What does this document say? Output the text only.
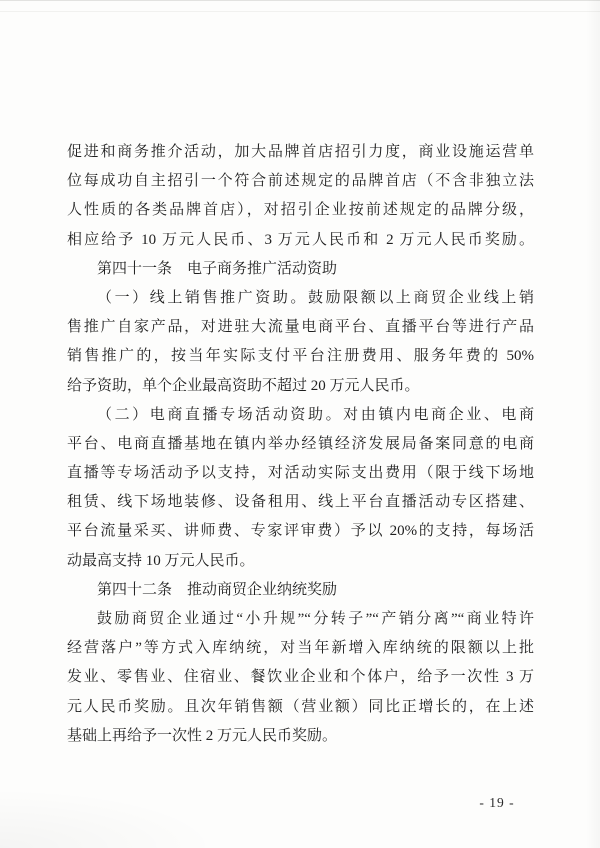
促进和商务推介活动，加大品牌首店招引力度，商业设施运营单
位每成功自主招引一个符合前述规定的品牌首店（不含非独立法
人性质的各类品牌首店），对招引企业按前述规定的品牌分级，
相应给予 10 万元人民币、3 万元人民币和 2 万元人民币奖励。
第四十一条　电子商务推广活动资助
（一）线上销售推广资助。鼓励限额以上商贸企业线上销
售推广自家产品，对进驻大流量电商平台、直播平台等进行产品
销售推广的，按当年实际支付平台注册费用、服务年费的 50%
给予资助，单个企业最高资助不超过 20 万元人民币。
（二）电商直播专场活动资助。对由镇内电商企业、电商
平台、电商直播基地在镇内举办经镇经济发展局备案同意的电商
直播等专场活动予以支持，对活动实际支出费用（限于线下场地
租赁、线下场地装修、设备租用、线上平台直播活动专区搭建、
平台流量采买、讲师费、专家评审费）予以 20%的支持，每场活
动最高支持 10 万元人民币。
第四十二条　推动商贸企业纳统奖励
鼓励商贸企业通过“小升规”“分转子”“产销分离”“商业特许
经营落户”等方式入库纳统，对当年新增入库纳统的限额以上批
发业、零售业、住宿业、餐饮业企业和个体户，给予一次性 3 万
元人民币奖励。且次年销售额（营业额）同比正增长的，在上述
基础上再给予一次性 2 万元人民币奖励。
- 19 -
